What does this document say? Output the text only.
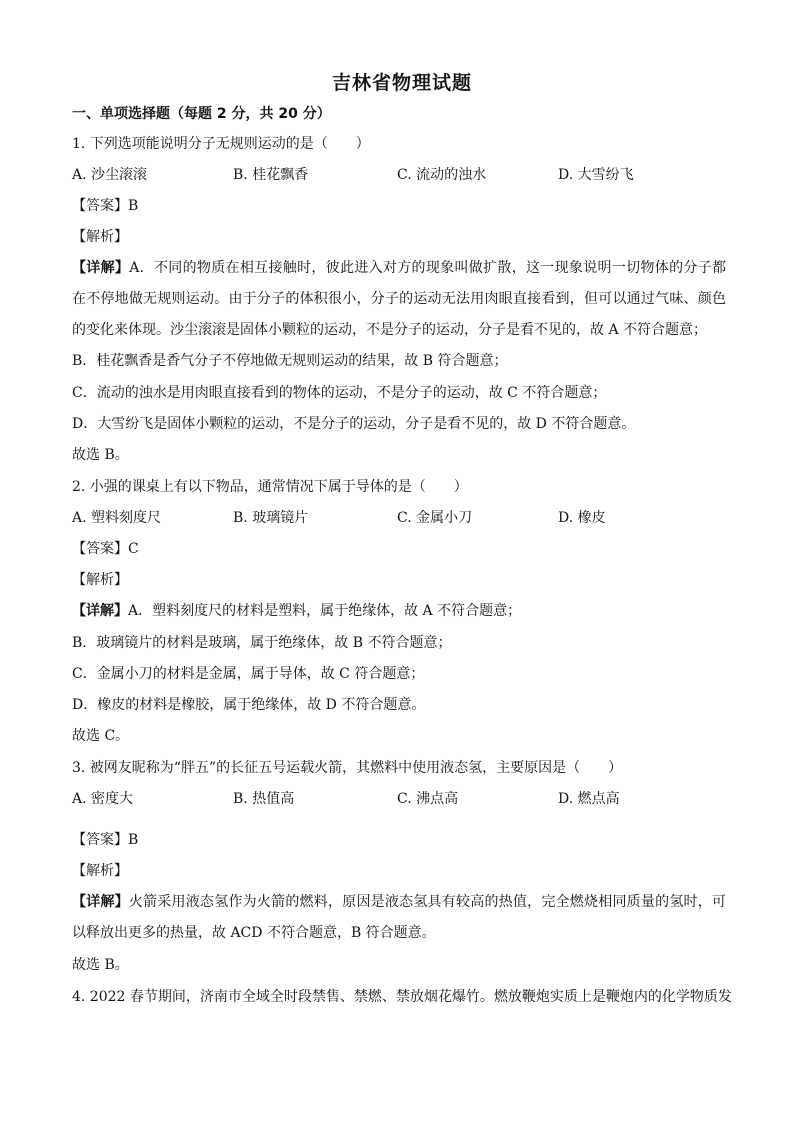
吉林省物理试题
一、单项选择题（每题 2 分，共 20 分）
1. 下列选项能说明分子无规则运动的是（　　）
A. 沙尘滚滚	B. 桂花飘香	C. 流动的浊水	D. 大雪纷飞
【答案】B
【解析】
【详解】A．不同的物质在相互接触时，彼此进入对方的现象叫做扩散，这一现象说明一切物体的分子都在不停地做无规则运动。由于分子的体积很小，分子的运动无法用肉眼直接看到，但可以通过气味、颜色的变化来体现。沙尘滚滚是固体小颗粒的运动，不是分子的运动，分子是看不见的，故 A 不符合题意；
B．桂花飘香是香气分子不停地做无规则运动的结果，故 B 符合题意；
C．流动的浊水是用肉眼直接看到的物体的运动，不是分子的运动，故 C 不符合题意；
D．大雪纷飞是固体小颗粒的运动，不是分子的运动，分子是看不见的，故 D 不符合题意。
故选 B。
2. 小强的课桌上有以下物品，通常情况下属于导体的是（　　）
A. 塑料刻度尺	B. 玻璃镜片	C. 金属小刀	D. 橡皮
【答案】C
【解析】
【详解】A．塑料刻度尺的材料是塑料，属于绝缘体，故 A 不符合题意；
B．玻璃镜片的材料是玻璃，属于绝缘体，故 B 不符合题意；
C．金属小刀的材料是金属，属于导体，故 C 符合题意；
D．橡皮的材料是橡胶，属于绝缘体，故 D 不符合题意。
故选 C。
3. 被网友昵称为“胖五”的长征五号运载火箭，其燃料中使用液态氢，主要原因是（　　）
A. 密度大	B. 热值高	C. 沸点高	D. 燃点高
【答案】B
【解析】
【详解】火箭采用液态氢作为火箭的燃料，原因是液态氢具有较高的热值，完全燃烧相同质量的氢时，可以释放出更多的热量，故 ACD 不符合题意，B 符合题意。
故选 B。
4. 2022 春节期间，济南市全域全时段禁售、禁燃、禁放烟花爆竹。燃放鞭炮实质上是鞭炮内的化学物质发
